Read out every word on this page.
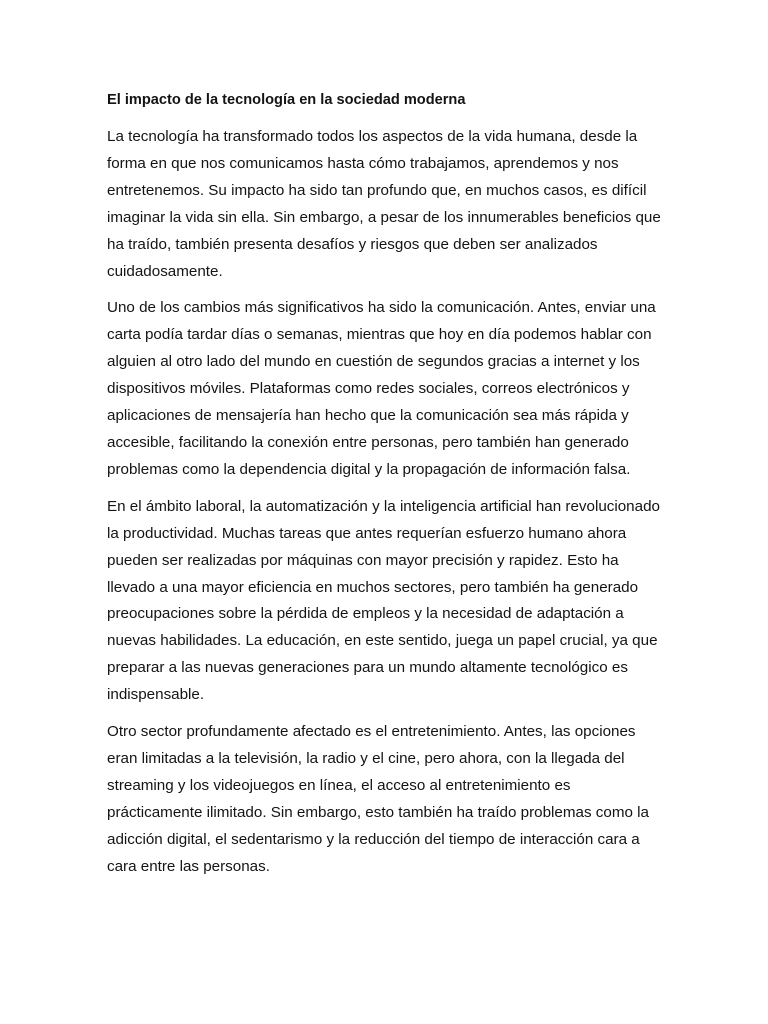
El impacto de la tecnología en la sociedad moderna

La tecnología ha transformado todos los aspectos de la vida humana, desde la forma en que nos comunicamos hasta cómo trabajamos, aprendemos y nos entretenemos. Su impacto ha sido tan profundo que, en muchos casos, es difícil imaginar la vida sin ella. Sin embargo, a pesar de los innumerables beneficios que ha traído, también presenta desafíos y riesgos que deben ser analizados cuidadosamente.

Uno de los cambios más significativos ha sido la comunicación. Antes, enviar una carta podía tardar días o semanas, mientras que hoy en día podemos hablar con alguien al otro lado del mundo en cuestión de segundos gracias a internet y los dispositivos móviles. Plataformas como redes sociales, correos electrónicos y aplicaciones de mensajería han hecho que la comunicación sea más rápida y accesible, facilitando la conexión entre personas, pero también han generado problemas como la dependencia digital y la propagación de información falsa.

En el ámbito laboral, la automatización y la inteligencia artificial han revolucionado la productividad. Muchas tareas que antes requerían esfuerzo humano ahora pueden ser realizadas por máquinas con mayor precisión y rapidez. Esto ha llevado a una mayor eficiencia en muchos sectores, pero también ha generado preocupaciones sobre la pérdida de empleos y la necesidad de adaptación a nuevas habilidades. La educación, en este sentido, juega un papel crucial, ya que preparar a las nuevas generaciones para un mundo altamente tecnológico es indispensable.

Otro sector profundamente afectado es el entretenimiento. Antes, las opciones eran limitadas a la televisión, la radio y el cine, pero ahora, con la llegada del streaming y los videojuegos en línea, el acceso al entretenimiento es prácticamente ilimitado. Sin embargo, esto también ha traído problemas como la adicción digital, el sedentarismo y la reducción del tiempo de interacción cara a cara entre las personas.
